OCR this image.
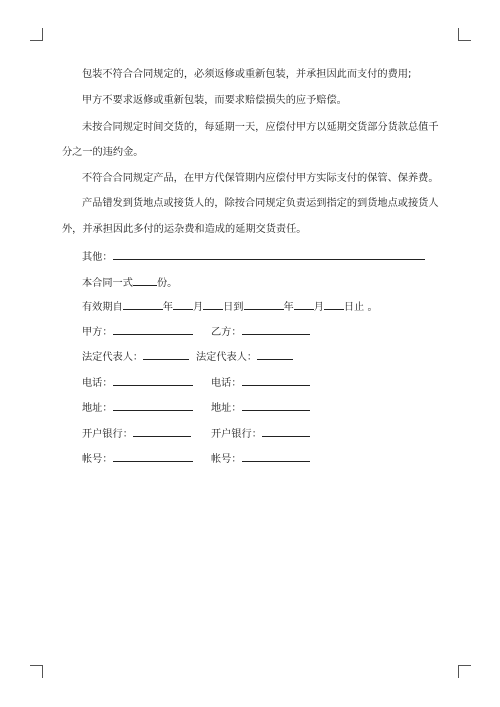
包装不符合合同规定的，必须返修或重新包装，并承担因此而支付的费用;
甲方不要求返修或重新包装，而要求赔偿损失的应予赔偿。
未按合同规定时间交货的，每延期一天，应偿付甲方以延期交货部分货款总值千
分之一的违约金。
不符合合同规定产品，在甲方代保管期内应偿付甲方实际支付的保管、保养费。
产品错发到货地点或接货人的，除按合同规定负责运到指定的到货地点或接货人
外，并承担因此多付的运杂费和造成的延期交货责任。
其他：
本合同一式 份。
有效期自	年 月 日到	年 月 日止 。
甲方：	乙方：
法定代表人：	法定代表人：
电话：	电话：
地址：	地址：
开户银行：	开户银行：
帐号：	帐号：
